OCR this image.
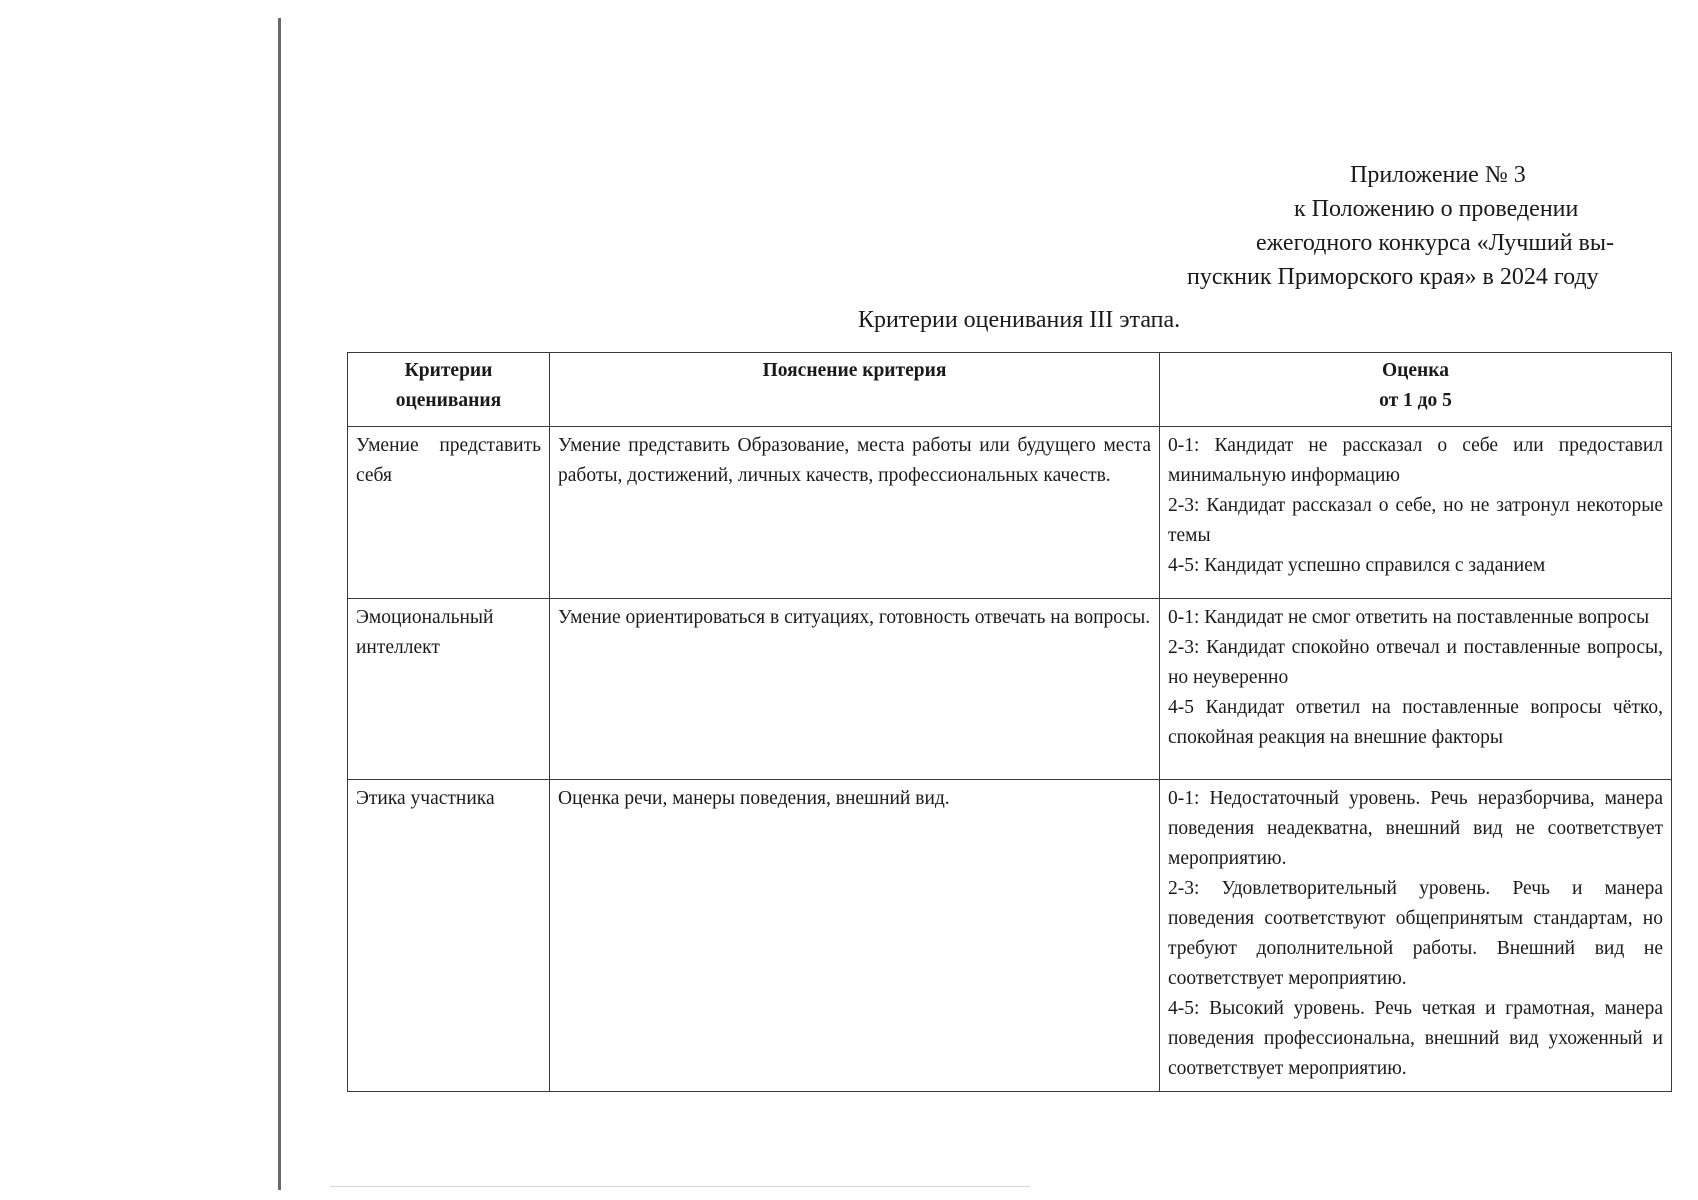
Приложение № 3
к Положению о проведении
ежегодного конкурса «Лучший вы-
пускник Приморского края» в 2024 году
Критерии оценивания III этапа.
Критерии оценивания	Пояснение критерия	Оценка
от 1 до 5

Умение представить себя	Умение представить Образование, места работы или будущего места работы, достижений, личных качеств, профессиональных качеств.	0-1: Кандидат не рассказал о себе или предоставил минимальную информацию
2-3: Кандидат рассказал о себе, но не затронул некоторые темы
4-5: Кандидат успешно справился с заданием

Эмоциональный интеллект	Умение ориентироваться в ситуациях, готовность отвечать на вопросы.	0-1: Кандидат не смог ответить на поставленные вопросы
2-3: Кандидат спокойно отвечал и поставленные вопросы, но неуверенно
4-5 Кандидат ответил на поставленные вопросы чётко, спокойная реакция на внешние факторы

Этика участника	Оценка речи, манеры поведения, внешний вид.	0-1: Недостаточный уровень. Речь неразборчива, манера поведения неадекватна, внешний вид не соответствует мероприятию.
2-3: Удовлетворительный уровень. Речь и манера поведения соответствуют общепринятым стандартам, но требуют дополнительной работы. Внешний вид не соответствует мероприятию.
4-5: Высокий уровень. Речь четкая и грамотная, манера поведения профессиональна, внешний вид ухоженный и соответствует мероприятию.
